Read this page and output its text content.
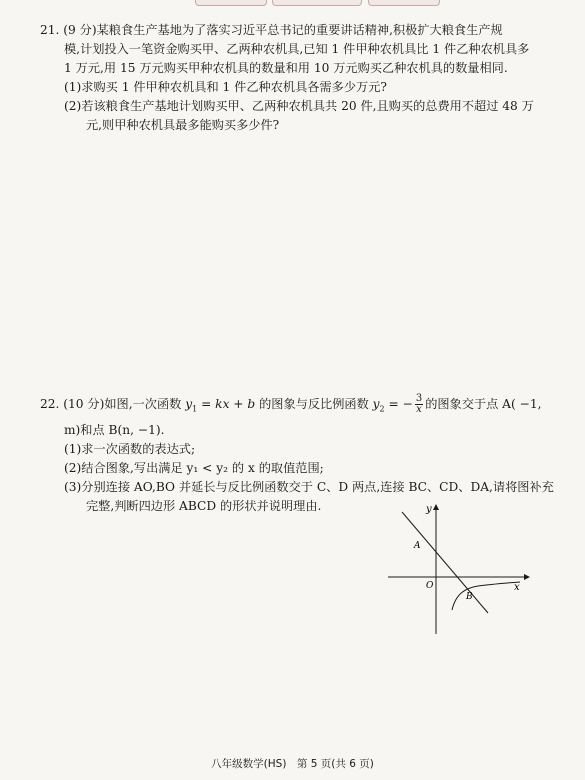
21. (9 分)某粮食生产基地为了落实习近平总书记的重要讲话精神,积极扩大粮食生产规

模,计划投入一笔资金购买甲、乙两种农机具,已知 1 件甲种农机具比 1 件乙种农机具多

1 万元,用 15 万元购买甲种农机具的数量和用 10 万元购买乙种农机具的数量相同.

(1)求购买 1 件甲种农机具和 1 件乙种农机具各需多少万元?

(2)若该粮食生产基地计划购买甲、乙两种农机具共 20 件,且购买的总费用不超过 48 万

元,则甲种农机具最多能购买多少件?

22. (10 分)如图,一次函数 $y_1$ = kx + b 的图象与反比例函数 $y_2$ = − $\frac{3}{x}$ 的图象交于点 A( −1,

m)和点 B(n, −1).

(1)求一次函数的表达式;

(2)结合图象,写出满足 y₁ < y₂ 的 x 的取值范围;

(3)分别连接 AO,BO 并延长与反比例函数交于 C、D 两点,连接 BC、CD、DA,请将图补充

完整,判断四边形 ABCD 的形状并说明理由.	y
x
O
A
B
八年级数学(HS)　第 5 页(共 6 页)
